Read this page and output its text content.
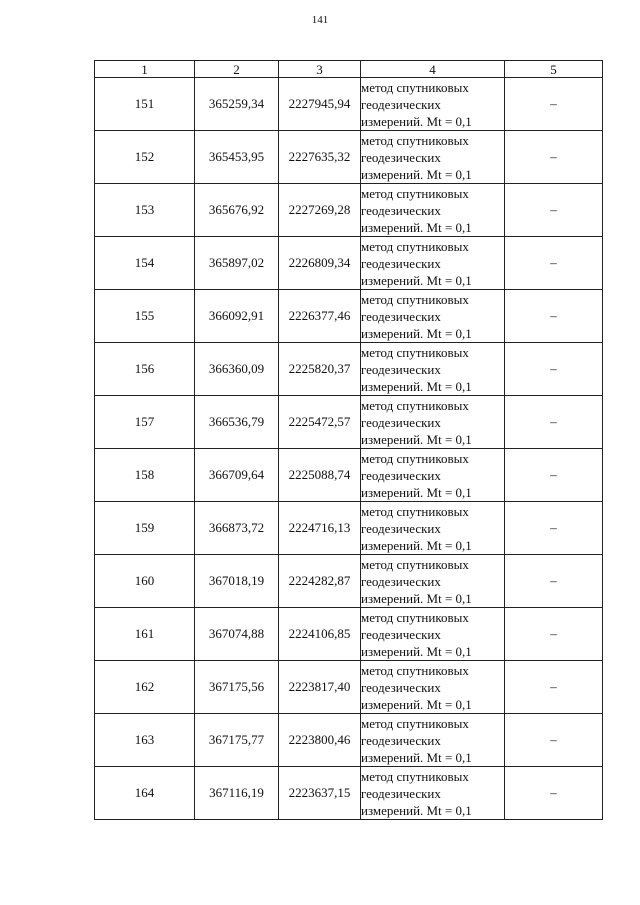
141
1	2	3	4	5
151	365259,34	2227945,94	метод спутниковых
геодезических
измерений. Mt = 0,1	–
152	365453,95	2227635,32	метод спутниковых
геодезических
измерений. Mt = 0,1	–
153	365676,92	2227269,28	метод спутниковых
геодезических
измерений. Mt = 0,1	–
154	365897,02	2226809,34	метод спутниковых
геодезических
измерений. Mt = 0,1	–
155	366092,91	2226377,46	метод спутниковых
геодезических
измерений. Mt = 0,1	–
156	366360,09	2225820,37	метод спутниковых
геодезических
измерений. Mt = 0,1	–
157	366536,79	2225472,57	метод спутниковых
геодезических
измерений. Mt = 0,1	–
158	366709,64	2225088,74	метод спутниковых
геодезических
измерений. Mt = 0,1	–
159	366873,72	2224716,13	метод спутниковых
геодезических
измерений. Mt = 0,1	–
160	367018,19	2224282,87	метод спутниковых
геодезических
измерений. Mt = 0,1	–
161	367074,88	2224106,85	метод спутниковых
геодезических
измерений. Mt = 0,1	–
162	367175,56	2223817,40	метод спутниковых
геодезических
измерений. Mt = 0,1	–
163	367175,77	2223800,46	метод спутниковых
геодезических
измерений. Mt = 0,1	–
164	367116,19	2223637,15	метод спутниковых
геодезических
измерений. Mt = 0,1	–
